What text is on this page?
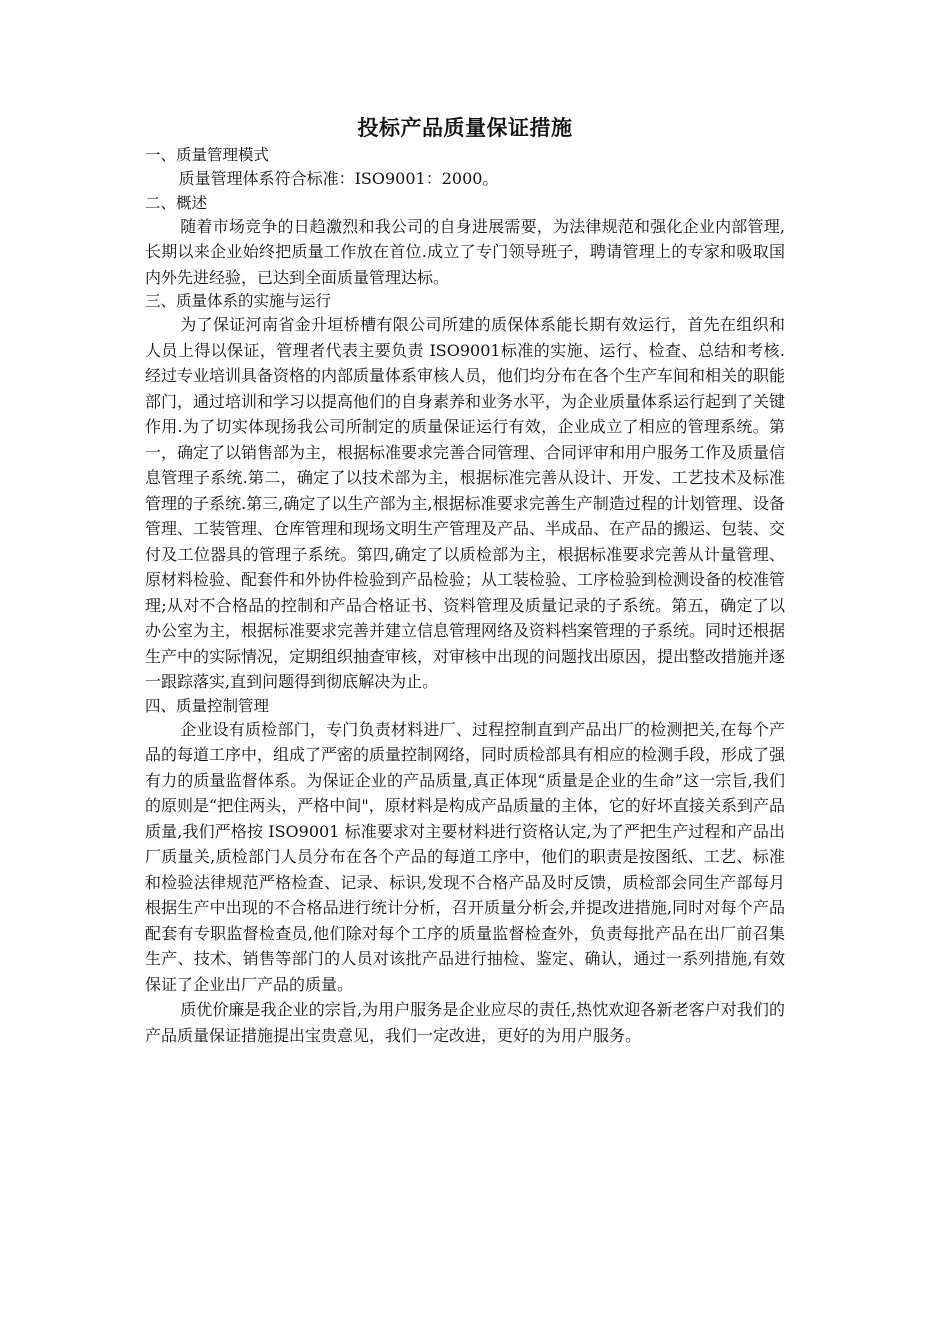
投标产品质量保证措施

一、质量管理模式

质量管理体系符合标准：ISO9001：2000。

二、概述

随着市场竞争的日趋激烈和我公司的自身进展需要，为法律规范和强化企业内部管理,长期以来企业始终把质量工作放在首位.成立了专门领导班子，聘请管理上的专家和吸取国内外先进经验，已达到全面质量管理达标。

三、质量体系的实施与运行

为了保证河南省金升垣桥槽有限公司所建的质保体系能长期有效运行，首先在组织和人员上得以保证，管理者代表主要负责 ISO9001标准的实施、运行、检查、总结和考核.经过专业培训具备资格的内部质量体系审核人员，他们均分布在各个生产车间和相关的职能部门，通过培训和学习以提高他们的自身素养和业务水平，为企业质量体系运行起到了关键作用.为了切实体现扬我公司所制定的质量保证运行有效，企业成立了相应的管理系统。第一，确定了以销售部为主，根据标准要求完善合同管理、合同评审和用户服务工作及质量信息管理子系统.第二，确定了以技术部为主，根据标准完善从设计、开发、工艺技术及标准管理的子系统.第三,确定了以生产部为主,根据标准要求完善生产制造过程的计划管理、设备管理、工装管理、仓库管理和现场文明生产管理及产品、半成品、在产品的搬运、包装、交付及工位器具的管理子系统。第四,确定了以质检部为主，根据标准要求完善从计量管理、原材料检验、配套件和外协件检验到产品检验；从工装检验、工序检验到检测设备的校准管理;从对不合格品的控制和产品合格证书、资料管理及质量记录的子系统。第五，确定了以办公室为主，根据标准要求完善并建立信息管理网络及资料档案管理的子系统。同时还根据生产中的实际情况，定期组织抽查审核，对审核中出现的问题找出原因，提出整改措施并逐一跟踪落实,直到问题得到彻底解决为止。

四、质量控制管理

企业设有质检部门，专门负责材料进厂、过程控制直到产品出厂的检测把关,在每个产品的每道工序中，组成了严密的质量控制网络，同时质检部具有相应的检测手段，形成了强有力的质量监督体系。为保证企业的产品质量,真正体现“质量是企业的生命”这一宗旨,我们的原则是“把住两头，严格中间"，原材料是构成产品质量的主体，它的好坏直接关系到产品质量,我们严格按 ISO9001 标准要求对主要材料进行资格认定,为了严把生产过程和产品出厂质量关,质检部门人员分布在各个产品的每道工序中，他们的职责是按图纸、工艺、标准和检验法律规范严格检查、记录、标识,发现不合格产品及时反馈，质检部会同生产部每月根据生产中出现的不合格品进行统计分析，召开质量分析会,并提改进措施,同时对每个产品配套有专职监督检查员,他们除对每个工序的质量监督检查外，负责每批产品在出厂前召集生产、技术、销售等部门的人员对该批产品进行抽检、鉴定、确认，通过一系列措施,有效保证了企业出厂产品的质量。

质优价廉是我企业的宗旨,为用户服务是企业应尽的责任,热忱欢迎各新老客户对我们的产品质量保证措施提出宝贵意见，我们一定改进，更好的为用户服务。
